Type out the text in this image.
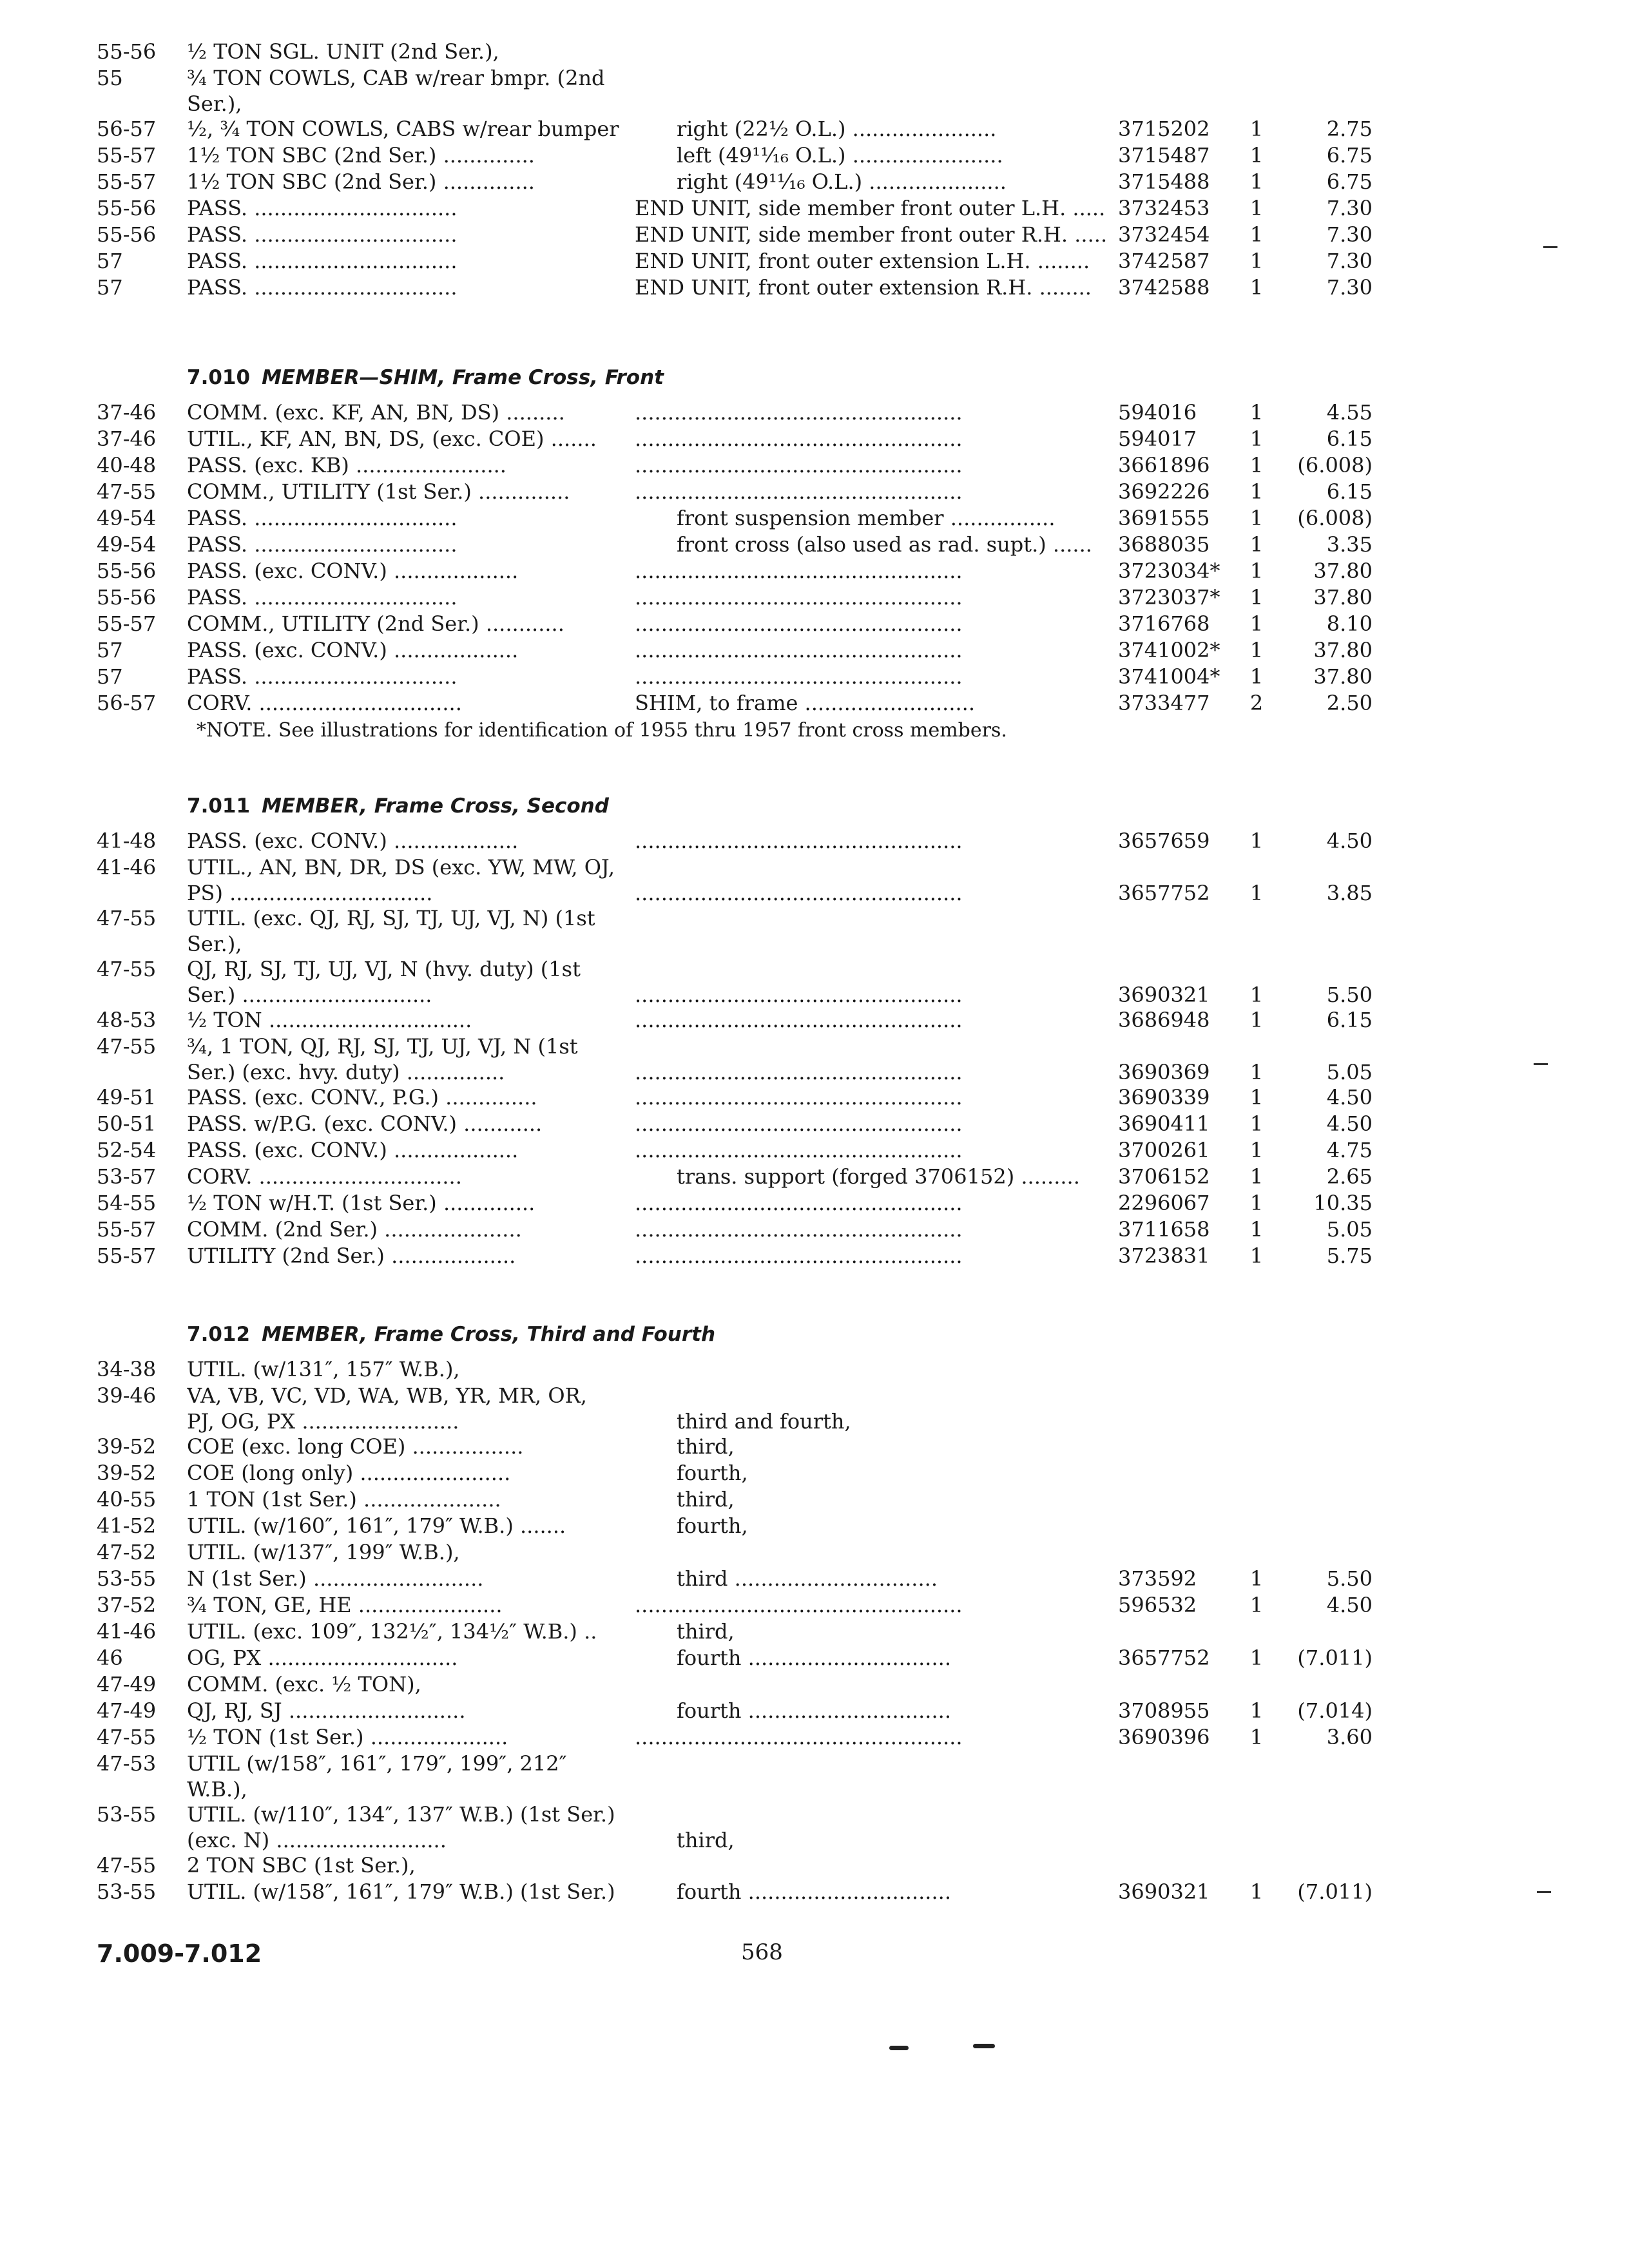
55-56	½ TON SGL. UNIT (2nd Ser.),
55	¾ TON COWLS, CAB w/rear bmpr. (2nd
Ser.),
56-57	½, ¾ TON COWLS, CABS w/rear bumper	right (22½ O.L.) ......................	3715202	1	2.75
55-57	1½ TON SBC (2nd Ser.) ..............	left (49¹¹⁄₁₆ O.L.) .......................	3715487	1	6.75
55-57	1½ TON SBC (2nd Ser.) ..............	right (49¹¹⁄₁₆ O.L.) .....................	3715488	1	6.75
55-56	PASS. ...............................	END UNIT, side member front outer L.H. ..... 3732453	1	7.30
55-56	PASS. ...............................	END UNIT, side member front outer R.H. ..... 3732454	1	7.30
57	PASS. ...............................	END UNIT, front outer extension L.H. ........	3742587	1	7.30
57	PASS. ...............................	END UNIT, front outer extension R.H. ........	3742588	1	7.30
7.010 MEMBER—SHIM, Frame Cross, Front
37-46	COMM. (exc. KF, AN, BN, DS) .........	..................................................	594016	1	4.55
37-46	UTIL., KF, AN, BN, DS, (exc. COE) .......	..................................................	594017	1	6.15
40-48	PASS. (exc. KB) .......................	..................................................	3661896	1	(6.008)
47-55	COMM., UTILITY (1st Ser.) ..............	..................................................	3692226	1	6.15
49-54	PASS. ...............................	front suspension member ................	3691555	1	(6.008)
49-54	PASS. ...............................	front cross (also used as rad. supt.) ......	3688035	1	3.35
55-56	PASS. (exc. CONV.) ...................	..................................................	3723034*	1	37.80
55-56	PASS. ...............................	..................................................	3723037*	1	37.80
55-57	COMM., UTILITY (2nd Ser.) ............	..................................................	3716768	1	8.10
57	PASS. (exc. CONV.) ...................	..................................................	3741002*	1	37.80
57	PASS. ...............................	..................................................	3741004*	1	37.80
56-57	CORV. ...............................	SHIM, to frame ..........................	3733477	2	2.50
*NOTE. See illustrations for identification of 1955 thru 1957 front cross members.
7.011 MEMBER, Frame Cross, Second
41-48	PASS. (exc. CONV.) ...................	..................................................	3657659	1	4.50
41-46	UTIL., AN, BN, DR, DS (exc. YW, MW, OJ,
PS) ...............................	..................................................	3657752	1	3.85
47-55	UTIL. (exc. QJ, RJ, SJ, TJ, UJ, VJ, N) (1st
Ser.),
47-55	QJ, RJ, SJ, TJ, UJ, VJ, N (hvy. duty) (1st
Ser.) .............................	..................................................	3690321	1	5.50
48-53	½ TON ...............................	..................................................	3686948	1	6.15
47-55	¾, 1 TON, QJ, RJ, SJ, TJ, UJ, VJ, N (1st
Ser.) (exc. hvy. duty) ...............	..................................................	3690369	1	5.05
49-51	PASS. (exc. CONV., P.G.) ..............	..................................................	3690339	1	4.50
50-51	PASS. w/P.G. (exc. CONV.) ............	..................................................	3690411	1	4.50
52-54	PASS. (exc. CONV.) ...................	..................................................	3700261	1	4.75
53-57	CORV. ...............................	trans. support (forged 3706152) .........	3706152	1	2.65
54-55	½ TON w/H.T. (1st Ser.) ..............	..................................................	2296067	1	10.35
55-57	COMM. (2nd Ser.) .....................	..................................................	3711658	1	5.05
55-57	UTILITY (2nd Ser.) ...................	..................................................	3723831	1	5.75
7.012 MEMBER, Frame Cross, Third and Fourth
34-38	UTIL. (w/131″, 157″ W.B.),
39-46	VA, VB, VC, VD, WA, WB, YR, MR, OR,
PJ, OG, PX ........................	third and fourth,
39-52	COE (exc. long COE) .................	third,
39-52	COE (long only) .......................	fourth,
40-55	1 TON (1st Ser.) .....................	third,
41-52	UTIL. (w/160″, 161″, 179″ W.B.) .......	fourth,
47-52	UTIL. (w/137″, 199″ W.B.),
53-55	N (1st Ser.) ..........................	third ...............................	373592	1	5.50
37-52	¾ TON, GE, HE ......................	..................................................	596532	1	4.50
41-46	UTIL. (exc. 109″, 132½″, 134½″ W.B.) ..	third,
46	OG, PX .............................	fourth ...............................	3657752	1	(7.011)
47-49	COMM. (exc. ½ TON),
47-49	QJ, RJ, SJ ...........................	fourth ...............................	3708955	1	(7.014)
47-55	½ TON (1st Ser.) .....................	..................................................	3690396	1	3.60
47-53	UTIL (w/158″, 161″, 179″, 199″, 212″
W.B.),
53-55	UTIL. (w/110″, 134″, 137″ W.B.) (1st Ser.)
(exc. N) ..........................	third,
47-55	2 TON SBC (1st Ser.),
53-55	UTIL. (w/158″, 161″, 179″ W.B.) (1st Ser.)	fourth ...............................	3690321	1	(7.011)
7.009-7.012	568
